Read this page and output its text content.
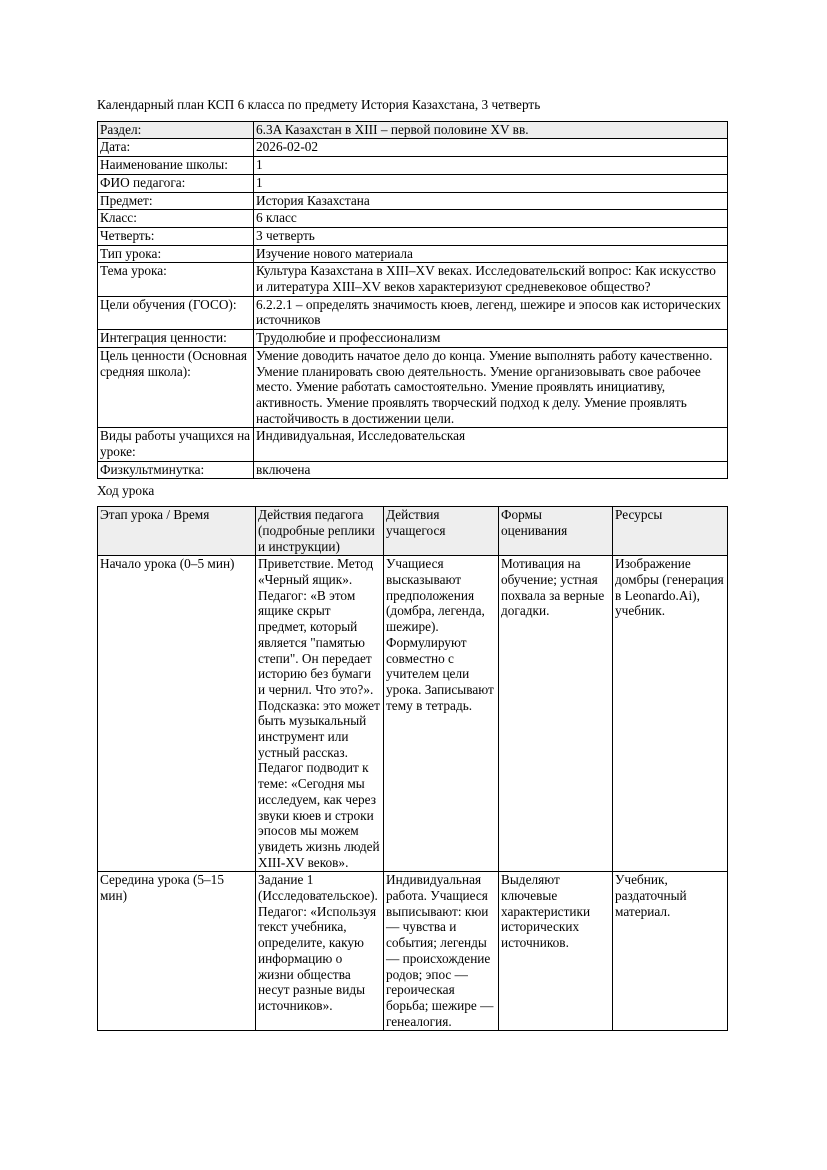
Календарный план КСП 6 класса по предмету История Казахстана, 3 четверть

Раздел:	6.3A Казахстан в XIII – первой половине XV вв.
Дата:	2026-02-02
Наименование школы:	1
ФИО педагога:	1
Предмет:	История Казахстана
Класс:	6 класс
Четверть:	3 четверть
Тип урока:	Изучение нового материала
Тема урока:	Культура Казахстана в XIII–XV веках. Исследовательский вопрос: Как искусство и литература XIII–XV веков характеризуют средневековое общество?
Цели обучения (ГОСО):	6.2.2.1 – определять значимость кюев, легенд, шежире и эпосов как исторических источников
Интеграция ценности:	Трудолюбие и профессионализм
Цель ценности (Основная средняя школа):	Умение доводить начатое дело до конца. Умение выполнять работу качественно. Умение планировать свою деятельность. Умение организовывать свое рабочее место. Умение работать самостоятельно. Умение проявлять инициативу, активность. Умение проявлять творческий подход к делу. Умение проявлять настойчивость в достижении цели.
Виды работы учащихся на уроке:	Индивидуальная, Исследовательская
Физкультминутка:	включена

Ход урока

Этап урока / Время	Действия педагога (подробные реплики и инструкции)	Действия учащегося	Формы оценивания	Ресурсы
Начало урока (0–5 мин)	Приветствие. Метод «Черный ящик». Педагог: «В этом ящике скрыт предмет, который является "памятью степи". Он передает историю без бумаги и чернил. Что это?». Подсказка: это может быть музыкальный инструмент или устный рассказ. Педагог подводит к теме: «Сегодня мы исследуем, как через звуки кюев и строки эпосов мы можем увидеть жизнь людей XIII-XV веков».	Учащиеся высказывают предположения (домбра, легенда, шежире). Формулируют совместно с учителем цели урока. Записывают тему в тетрадь.	Мотивация на обучение; устная похвала за верные догадки.	Изображение домбры (генерация в Leonardo.Ai), учебник.
Середина урока (5–15 мин)	Задание 1 (Исследовательское). Педагог: «Используя текст учебника, определите, какую информацию о жизни общества несут разные виды источников».	Индивидуальная работа. Учащиеся выписывают: кюи — чувства и события; легенды — происхождение родов; эпос — героическая борьба; шежире — генеалогия.	Выделяют ключевые характеристики исторических источников.	Учебник, раздаточный материал.
